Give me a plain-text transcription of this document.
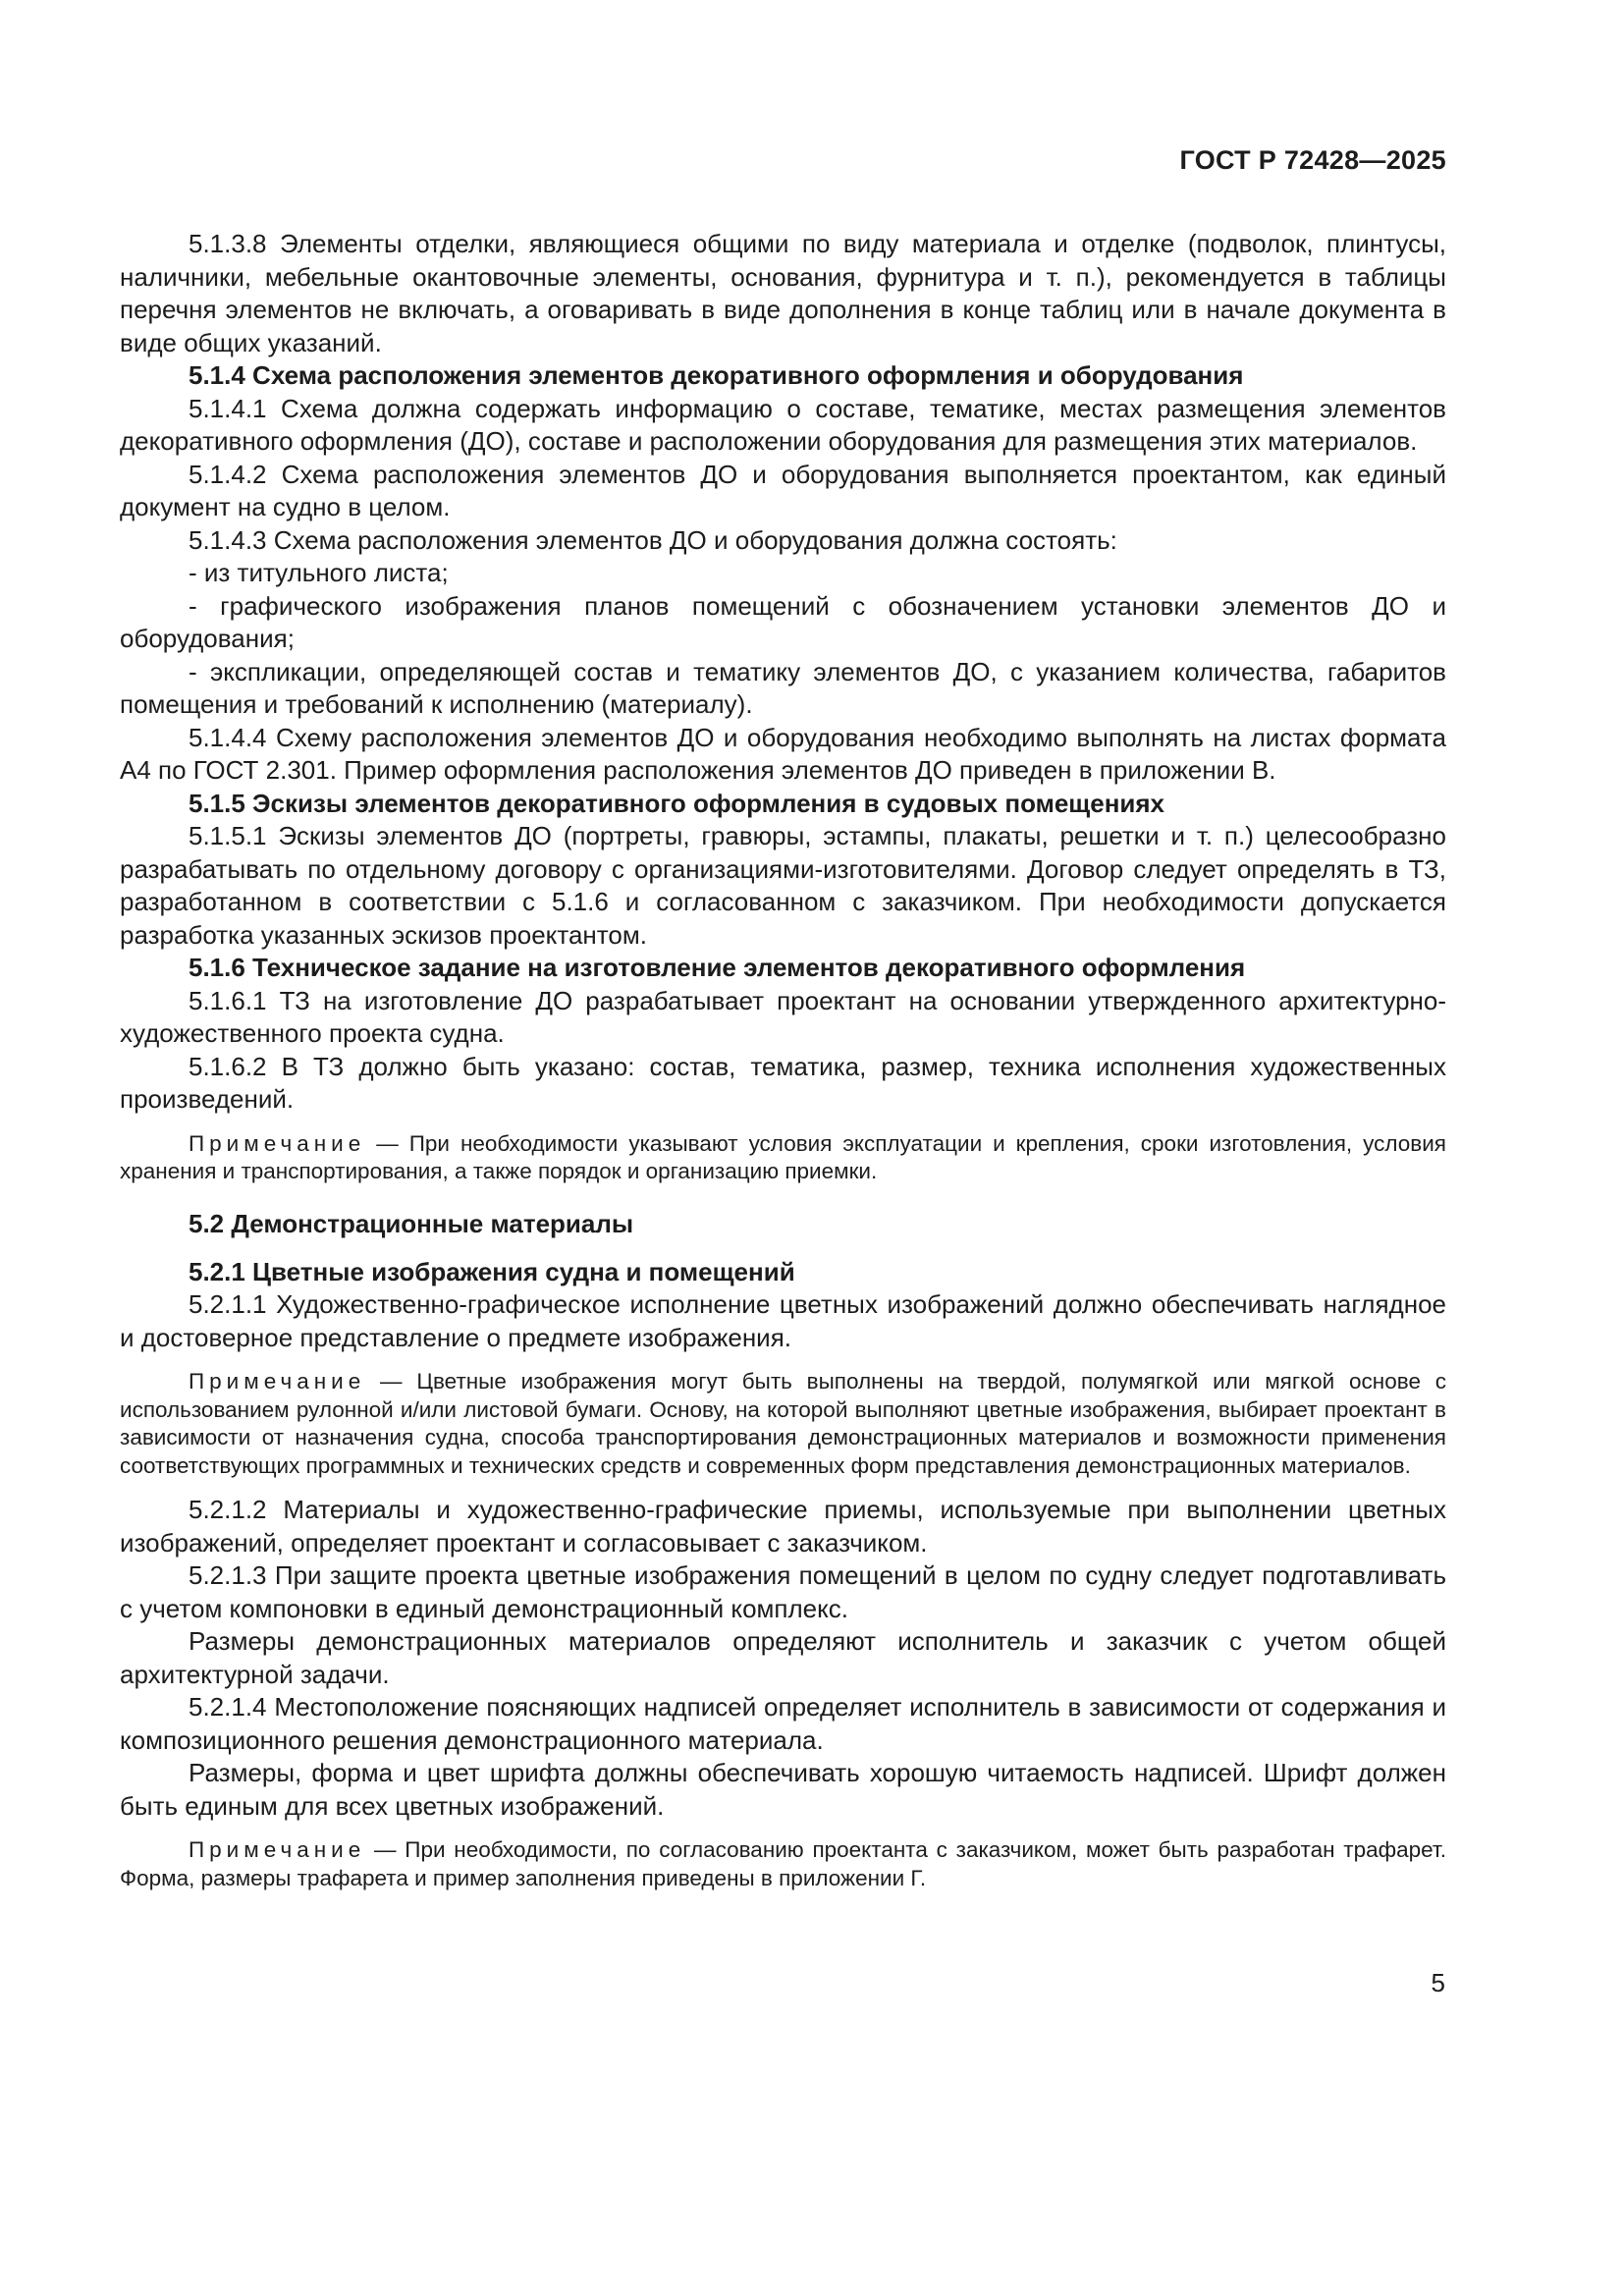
ГОСТ Р 72428—2025

5.1.3.8 Элементы отделки, являющиеся общими по виду материала и отделке (подволок, плинтусы, наличники, мебельные окантовочные элементы, основания, фурнитура и т. п.), рекомендуется в таблицы перечня элементов не включать, а оговаривать в виде дополнения в конце таблиц или в начале документа в виде общих указаний.

5.1.4 Схема расположения элементов декоративного оформления и оборудования

5.1.4.1 Схема должна содержать информацию о составе, тематике, местах размещения элементов декоративного оформления (ДО), составе и расположении оборудования для размещения этих материалов.

5.1.4.2 Схема расположения элементов ДО и оборудования выполняется проектантом, как единый документ на судно в целом.

5.1.4.3 Схема расположения элементов ДО и оборудования должна состоять:

- из титульного листа;

- графического изображения планов помещений с обозначением установки элементов ДО и оборудования;

- экспликации, определяющей состав и тематику элементов ДО, с указанием количества, габаритов помещения и требований к исполнению (материалу).

5.1.4.4 Схему расположения элементов ДО и оборудования необходимо выполнять на листах формата А4 по ГОСТ 2.301. Пример оформления расположения элементов ДО приведен в приложении В.

5.1.5 Эскизы элементов декоративного оформления в судовых помещениях

5.1.5.1 Эскизы элементов ДО (портреты, гравюры, эстампы, плакаты, решетки и т. п.) целесообразно разрабатывать по отдельному договору с организациями-изготовителями. Договор следует определять в ТЗ, разработанном в соответствии с 5.1.6 и согласованном с заказчиком. При необходимости допускается разработка указанных эскизов проектантом.

5.1.6 Техническое задание на изготовление элементов декоративного оформления

5.1.6.1 ТЗ на изготовление ДО разрабатывает проектант на основании утвержденного архитектурно-художественного проекта судна.

5.1.6.2 В ТЗ должно быть указано: состав, тематика, размер, техника исполнения художественных произведений.

Примечание — При необходимости указывают условия эксплуатации и крепления, сроки изготовления, условия хранения и транспортирования, а также порядок и организацию приемки.

5.2 Демонстрационные материалы

5.2.1 Цветные изображения судна и помещений

5.2.1.1 Художественно-графическое исполнение цветных изображений должно обеспечивать наглядное и достоверное представление о предмете изображения.

Примечание — Цветные изображения могут быть выполнены на твердой, полумягкой или мягкой основе с использованием рулонной и/или листовой бумаги. Основу, на которой выполняют цветные изображения, выбирает проектант в зависимости от назначения судна, способа транспортирования демонстрационных материалов и возможности применения соответствующих программных и технических средств и современных форм представления демонстрационных материалов.

5.2.1.2 Материалы и художественно-графические приемы, используемые при выполнении цветных изображений, определяет проектант и согласовывает с заказчиком.

5.2.1.3 При защите проекта цветные изображения помещений в целом по судну следует подготавливать с учетом компоновки в единый демонстрационный комплекс.

Размеры демонстрационных материалов определяют исполнитель и заказчик с учетом общей архитектурной задачи.

5.2.1.4 Местоположение поясняющих надписей определяет исполнитель в зависимости от содержания и композиционного решения демонстрационного материала.

Размеры, форма и цвет шрифта должны обеспечивать хорошую читаемость надписей. Шрифт должен быть единым для всех цветных изображений.

Примечание — При необходимости, по согласованию проектанта с заказчиком, может быть разработан трафарет. Форма, размеры трафарета и пример заполнения приведены в приложении Г.

5
